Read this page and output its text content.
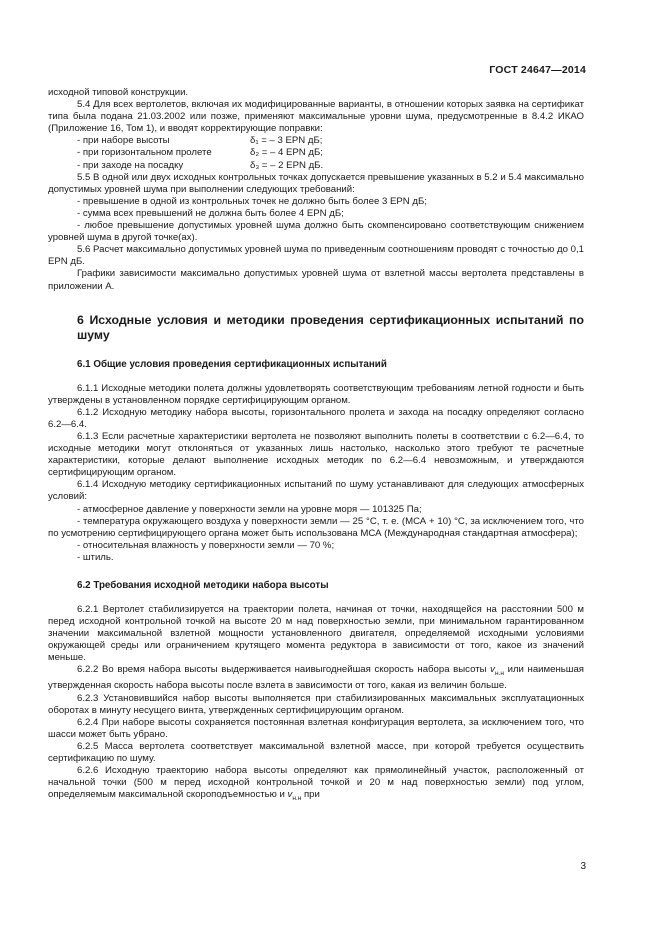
ГОСТ 24647—2014

исходной типовой конструкции.

5.4 Для всех вертолетов, включая их модифицированные варианты, в отношении которых заявка на сертификат типа была подана 21.03.2002 или позже, применяют максимальные уровни шума, предусмотренные в 8.4.2 ИКАО (Приложение 16, Том 1), и вводят корректирующие поправки:

- при наборе высоты	δ₁ = – 3 EPN дБ;
- при горизонтальном пролете	δ₂ = – 4 EPN дБ;
- при заходе на посадку	δ₃ = – 2 EPN дБ.

5.5 В одной или двух исходных контрольных точках допускается превышение указанных в 5.2 и 5.4 максимально допустимых уровней шума при выполнении следующих требований:

- превышение в одной из контрольных точек не должно быть более 3 EPN дБ;

- сумма всех превышений не должна быть более 4 EPN дБ;

- любое превышение допустимых уровней шума должно быть скомпенсировано соответствующим снижением уровней шума в другой точке(ах).

5.6 Расчет максимально допустимых уровней шума по приведенным соотношениям проводят с точностью до 0,1 EPN дБ.

Графики зависимости максимально допустимых уровней шума от взлетной массы вертолета представлены в приложении А.

6 Исходные условия и методики проведения сертификационных испытаний по шуму
6.1 Общие условия проведения сертификационных испытаний

6.1.1 Исходные методики полета должны удовлетворять соответствующим требованиям летной годности и быть утверждены в установленном порядке сертифицирующим органом.

6.1.2 Исходную методику набора высоты, горизонтального пролета и захода на посадку определяют согласно 6.2—6.4.

6.1.3 Если расчетные характеристики вертолета не позволяют выполнить полеты в соответствии с 6.2—6.4, то исходные методики могут отклоняться от указанных лишь настолько, насколько этого требуют те расчетные характеристики, которые делают выполнение исходных методик по 6.2—6.4 невозможным, и утверждаются сертифицирующим органом.

6.1.4 Исходную методику сертификационных испытаний по шуму устанавливают для следующих атмосферных условий:

- атмосферное давление у поверхности земли на уровне моря — 101325 Па;

- температура окружающего воздуха у поверхности земли — 25 °С, т. е. (МСА + 10) °С, за исключением того, что по усмотрению сертифицирующего органа может быть использована МСА (Международная стандартная атмосфера);

- относительная влажность у поверхности земли — 70 %;

- штиль.

6.2 Требования исходной методики набора высоты

6.2.1 Вертолет стабилизируется на траектории полета, начиная от точки, находящейся на расстоянии 500 м перед исходной контрольной точкой на высоте 20 м над поверхностью земли, при минимальном гарантированном значении максимальной взлетной мощности установленного двигателя, определяемой исходными условиями окружающей среды или ограничением крутящего момента редуктора в зависимости от того, какое из значений меньше.

6.2.2 Во время набора высоты выдерживается наивыгоднейшая скорость набора высоты $v_{н.н}$ или наименьшая утвержденная скорость набора высоты после взлета в зависимости от того, какая из величин больше.

6.2.3 Установившийся набор высоты выполняется при стабилизированных максимальных эксплуатационных оборотах в минуту несущего винта, утвержденных сертифицирующим органом.

6.2.4 При наборе высоты сохраняется постоянная взлетная конфигурация вертолета, за исключением того, что шасси может быть убрано.

6.2.5 Масса вертолета соответствует максимальной взлетной массе, при которой требуется осуществить сертификацию по шуму.

6.2.6 Исходную траекторию набора высоты определяют как прямолинейный участок, расположенный от начальной точки (500 м перед исходной контрольной точкой и 20 м над поверхностью земли) под углом, определяемым максимальной скороподъемностью и $v_{н.н}$ при

3
